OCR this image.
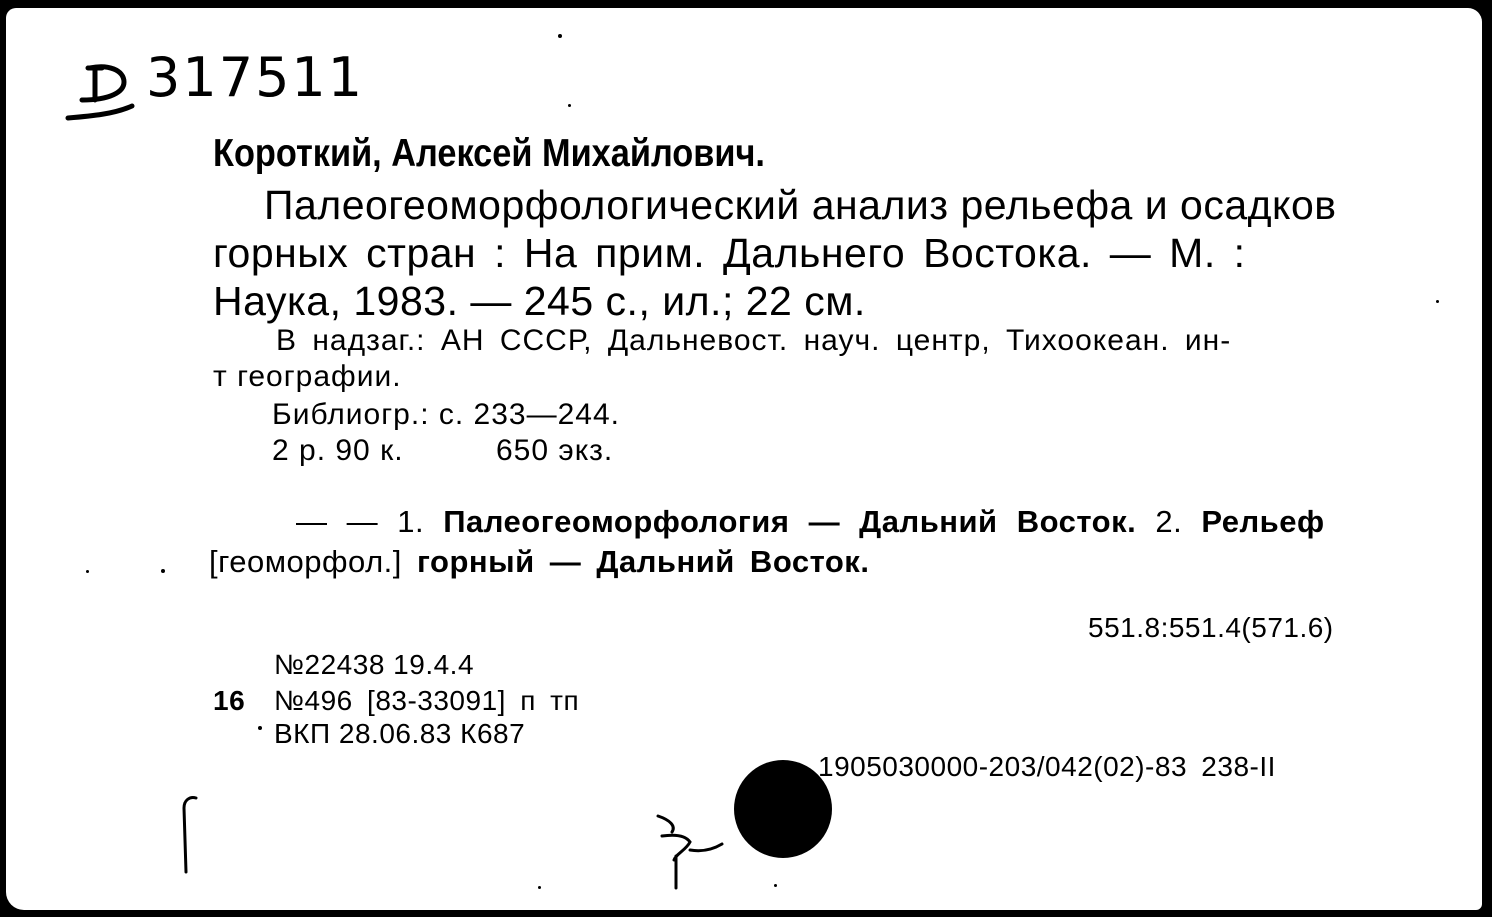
317511
Короткий, Алексей Михайлович.
Палеогеоморфологический анализ рельефа и осадков
горных стран : На прим. Дальнего Востока. — М. :
Наука, 1983. — 245 с., ил.; 22 см.
В надзаг.: АН СССР, Дальневост. науч. центр, Тихоокеан. ин-
т географии.
Библиогр.: с. 233—244.
2 р. 90 к.	650 экз.
— — 1. Палеогеоморфология — Дальний Восток. 2. Рельеф
[геоморфол.] горный — Дальний Восток.
551.8:551.4(571.6)
№22438 19.4.4
16 №496 [83-33091] п тп
ВКП 28.06.83 К687
1905030000-203/042(02)-83 238-II
